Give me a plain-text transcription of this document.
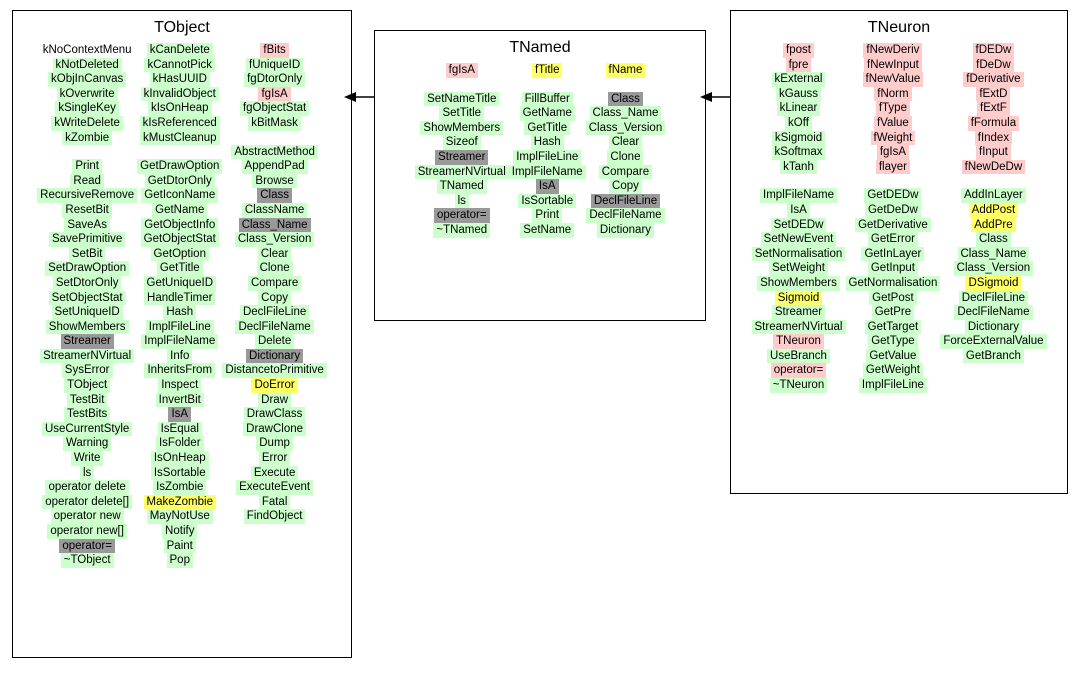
TObject
kNoContextMenu
kNotDeleted
kObjInCanvas
kOverwrite
kSingleKey
kWriteDelete
kZombie
Print
Read
RecursiveRemove
ResetBit
SaveAs
SavePrimitive
SetBit
SetDrawOption
SetDtorOnly
SetObjectStat
SetUniqueID
ShowMembers
Streamer
StreamerNVirtual
SysError
TObject
TestBit
TestBits
UseCurrentStyle
Warning
Write
ls
operator delete
operator delete[]
operator new
operator new[]
operator=
~TObject
kCanDelete
kCannotPick
kHasUUID
kInvalidObject
kIsOnHeap
kIsReferenced
kMustCleanup
GetDrawOption
GetDtorOnly
GetIconName
GetName
GetObjectInfo
GetObjectStat
GetOption
GetTitle
GetUniqueID
HandleTimer
Hash
ImplFileLine
ImplFileName
Info
InheritsFrom
Inspect
InvertBit
IsA
IsEqual
IsFolder
IsOnHeap
IsSortable
IsZombie
MakeZombie
MayNotUse
Notify
Paint
Pop
fBits
fUniqueID
fgDtorOnly
fgIsA
fgObjectStat
kBitMask
AbstractMethod
AppendPad
Browse
Class
ClassName
Class_Name
Class_Version
Clear
Clone
Compare
Copy
DeclFileLine
DeclFileName
Delete
Dictionary
DistancetoPrimitive
DoError
Draw
DrawClass
DrawClone
Dump
Error
Execute
ExecuteEvent
Fatal
FindObject
TNamed
fgIsA
SetNameTitle
SetTitle
ShowMembers
Sizeof
Streamer
StreamerNVirtual
TNamed
ls
operator=
~TNamed
fTitle
FillBuffer
GetName
GetTitle
Hash
ImplFileLine
ImplFileName
IsA
IsSortable
Print
SetName
fName
Class
Class_Name
Class_Version
Clear
Clone
Compare
Copy
DeclFileLine
DeclFileName
Dictionary
TNeuron
fpost
fpre
kExternal
kGauss
kLinear
kOff
kSigmoid
kSoftmax
kTanh
ImplFileName
IsA
SetDEDw
SetNewEvent
SetNormalisation
SetWeight
ShowMembers
Sigmoid
Streamer
StreamerNVirtual
TNeuron
UseBranch
operator=
~TNeuron
fNewDeriv
fNewInput
fNewValue
fNorm
fType
fValue
fWeight
fgIsA
flayer
GetDEDw
GetDeDw
GetDerivative
GetError
GetInLayer
GetInput
GetNormalisation
GetPost
GetPre
GetTarget
GetType
GetValue
GetWeight
ImplFileLine
fDEDw
fDeDw
fDerivative
fExtD
fExtF
fFormula
fIndex
fInput
fNewDeDw
AddInLayer
AddPost
AddPre
Class
Class_Name
Class_Version
DSigmoid
DeclFileLine
DeclFileName
Dictionary
ForceExternalValue
GetBranch
